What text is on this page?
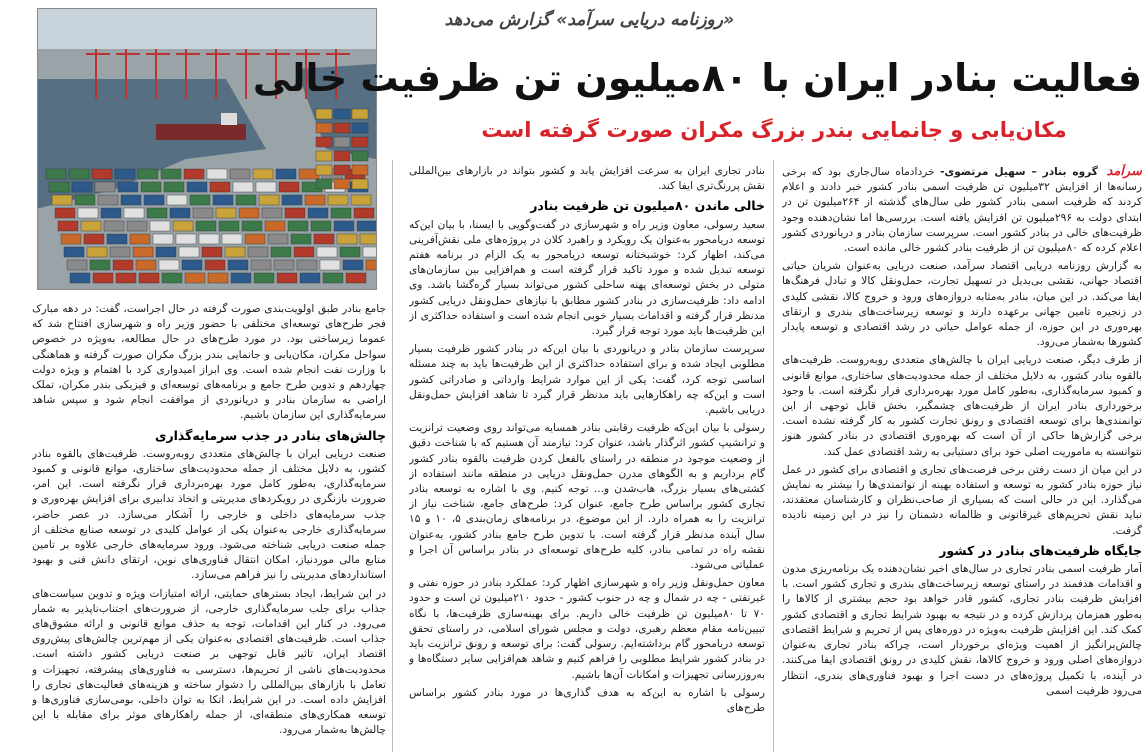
«روزنامه دریایی سرآمد» گزارش می‌دهد
فعالیت بنادر ایران با ۸۰میلیون تن ظرفیت خالی
مکان‌یابی و جانمایی بندر بزرگ مکران صورت گرفته است

سرآمد گروه بنادر – سهیل مرتضوی- خردادماه سال‌جاری بود که برخی رسانه‌ها از افزایش ۳۲میلیون تن ظرفیت اسمی بنادر کشور خبر دادند و اعلام کردند که ظرفیت اسمی بنادر کشور طی سال‌های گذشته از ۲۶۴میلیون تن در ابتدای دولت به ۲۹۶میلیون تن افزایش یافته است. بررسی‌ها اما نشان‌دهنده وجود ظرفیت‌های خالی در بنادر کشور است. سرپرست سازمان بنادر و دریانوردی کشور اعلام کرده که ۸۰میلیون تن از ظرفیت بنادر کشور خالی مانده است.

به گزارش روزنامه دریایی اقتصاد سرآمد، صنعت دریایی به‌عنوان شریان حیاتی اقتصاد جهانی، نقشی بی‌بدیل در تسهیل تجارت، حمل‌ونقل کالا و تبادل فرهنگ‌ها ایفا می‌کند. در این میان، بنادر به‌مثابه دروازه‌های ورود و خروج کالا، نقشی کلیدی در زنجیره تامین جهانی برعهده دارند و توسعه زیرساخت‌های بندری و ارتقای بهره‌وری در این حوزه، از جمله عوامل حیاتی در رشد اقتصادی و توسعه پایدار کشورها به‌شمار می‌رود.

از طرف دیگر، صنعت دریایی ایران با چالش‌های متعددی روبه‌روست. ظرفیت‌های بالقوه بنادر کشور، به دلایل مختلف از جمله محدودیت‌های ساختاری، موانع قانونی و کمبود سرمایه‌گذاری، به‌طور کامل مورد بهره‌برداری قرار نگرفته است. با وجود برخورداری بنادر ایران از ظرفیت‌های چشمگیر، بخش قابل توجهی از این توانمندی‌ها برای توسعه اقتصادی و رونق تجارت کشور به کار گرفته نشده است. برخی گزارش‌ها حاکی از آن است که بهره‌وری اقتصادی در بنادر کشور هنوز نتوانسته به ماموریت اصلی خود برای دستیابی به رشد اقتصادی عمل کند.

در این میان از دست رفتن برخی فرصت‌های تجاری و اقتصادی برای کشور در عمل نیاز حوزه بنادر کشور به توسعه و استفاده بهینه از توانمندی‌ها را بیشتر به نمایش می‌گذارد. این در حالی است که بسیاری از صاحب‌نظران و کارشناسان معتقدند، نباید نقش تحریم‌های غیرقانونی و ظالمانه دشمنان را نیز در این زمینه نادیده گرفت.

جایگاه ظرفیت‌های بنادر در کشور

آمار ظرفیت اسمی بنادر تجاری در سال‌های اخیر نشان‌دهنده یک برنامه‌ریزی مدون و اقدامات هدفمند در راستای توسعه زیرساخت‌های بندری و تجاری کشور است. با افزایش ظرفیت بنادر تجاری، کشور قادر خواهد بود حجم بیشتری از کالاها را به‌طور همزمان پردازش کرده و در نتیجه به بهبود شرایط تجاری و اقتصادی کشور کمک کند. این افزایش ظرفیت به‌ویژه در دوره‌های پس از تحریم و شرایط اقتصادی چالش‌برانگیز از اهمیت ویژه‌ای برخوردار است، چراکه بنادر تجاری به‌عنوان دروازه‌های اصلی ورود و خروج کالاها، نقش کلیدی در رونق اقتصادی ایفا می‌کنند. در آینده، با تکمیل پروژه‌های در دست اجرا و بهبود فناوری‌های بندری، انتظار می‌رود ظرفیت اسمی

بنادر تجاری ایران به سرعت افزایش یابد و کشور بتواند در بازارهای بین‌المللی نقش پررنگ‌تری ایفا کند.

خالی ماندن ۸۰میلیون تن ظرفیت بنادر

سعید رسولی، معاون وزیر راه و شهرسازی در گفت‌وگویی با ایسنا، با بیان این‌که توسعه دریامحور به‌عنوان یک رویکرد و راهبرد کلان در پروژه‌های ملی نقش‌آفرینی می‌کند، اظهار کرد: خوشبختانه توسعه دریامحور به یک الزام در برنامه هفتم توسعه تبدیل شده و مورد تاکید قرار گرفته است و هم‌افزایی بین سازمان‌های متولی در بخش توسعه‌ای پهنه ساحلی کشور می‌تواند بسیار گره‌گشا باشد. وی ادامه داد: ظرفیت‌سازی در بنادر کشور مطابق با نیازهای حمل‌ونقل دریایی کشور مدنظر قرار گرفته و اقدامات بسیار خوبی انجام شده است و استفاده حداکثری از این ظرفیت‌ها باید مورد توجه قرار گیرد.

سرپرست سازمان بنادر و دریانوردی با بیان این‌که در بنادر کشور ظرفیت بسیار مطلوبی ایجاد شده و برای استفاده حداکثری از این ظرفیت‌ها باید به چند مسئله اساسی توجه کرد، گفت: یکی از این موارد شرایط وارداتی و صادراتی کشور است و این‌که چه راهکارهایی باید مدنظر قرار گیرد تا شاهد افزایش حمل‌ونقل دریایی باشیم.

رسولی با بیان این‌که ظرفیت رقابتی بنادر همسایه می‌تواند روی وضعیت ترانزیت و ترانشیپ کشور اثرگذار باشد، عنوان کرد: نیازمند آن هستیم که با شناخت دقیق از وضعیت موجود در منطقه در راستای بالفعل کردن ظرفیت بالقوه بنادر کشور گام برداریم و به الگوهای مدرن حمل‌ونقل دریایی در منطقه مانند استفاده از کشتی‌های بسیار بزرگ، هاب‌شدن و... توجه کنیم. وی با اشاره به توسعه بنادر تجاری کشور براساس طرح جامع، عنوان کرد: طرح‌های جامع، شناخت نیاز از ترانزیت را به همراه دارد. از این موضوع، در برنامه‌های زمان‌بندی ۵، ۱۰ و ۱۵ سال آینده مدنظر قرار گرفته است. با تدوین طرح جامع بنادر کشور، به‌عنوان نقشه راه در تمامی بنادر، کلیه طرح‌های توسعه‌ای در بنادر براساس آن اجرا و عملیاتی می‌شود.

معاون حمل‌ونقل وزیر راه و شهرسازی اظهار کرد: عملکرد بنادر در حوزه نفتی و غیرنفتی - چه در شمال و چه در جنوب کشور - حدود ۲۱۰میلیون تن است و حدود ۷۰ تا ۸۰میلیون تن ظرفیت خالی داریم. برای بهینه‌سازی ظرفیت‌ها، با نگاه تبیین‌نامه مقام معظم رهبری، دولت و مجلس شورای اسلامی، در راستای تحقق توسعه دریامحور گام برداشته‌ایم. رسولی گفت: برای توسعه و رونق ترانزیت باید در بنادر کشور شرایط مطلوبی را فراهم کنیم و شاهد هم‌افزایی سایر دستگاه‌ها و به‌روزرسانی تجهیزات و امکانات آن‌ها باشیم.

رسولی با اشاره به این‌که به هدف گذاری‌ها در مورد بنادر کشور براساس طرح‌های

جامع بنادر طبق اولویت‌بندی صورت گرفته در حال اجراست، گفت: در دهه مبارک فجر طرح‌های توسعه‌ای مختلفی با حضور وزیر راه و شهرسازی افتتاح شد که عموما زیرساختی بود. در مورد طرح‌های در حال مطالعه، به‌ویژه در خصوص سواحل مکران، مکان‌یابی و جانمایی بندر بزرگ مکران صورت گرفته و هماهنگی با وزارت نفت انجام شده است. وی ابراز امیدواری کرد با اهتمام و ویژه دولت چهاردهم و تدوین طرح جامع و برنامه‌های توسعه‌ای و فیزیکی بندر مکران، تملک اراضی به سازمان بنادر و دریانوردی از موافقت انجام شود و سپس شاهد سرمایه‌گذاری این سازمان باشیم.

چالش‌های بنادر در جذب سرمایه‌گذاری

صنعت دریایی ایران با چالش‌های متعددی روبه‌روست. ظرفیت‌های بالقوه بنادر کشور، به دلایل مختلف از جمله محدودیت‌های ساختاری، موانع قانونی و کمبود سرمایه‌گذاری، به‌طور کامل مورد بهره‌برداری قرار نگرفته است. این امر، ضرورت بازنگری در رویکردهای مدیریتی و اتخاذ تدابیری برای افزایش بهره‌وری و جذب سرمایه‌های داخلی و خارجی را آشکار می‌سازد. در عصر حاضر، سرمایه‌گذاری خارجی به‌عنوان یکی از عوامل کلیدی در توسعه صنایع مختلف از جمله صنعت دریایی شناخته می‌شود. ورود سرمایه‌های خارجی علاوه بر تامین منابع مالی موردنیاز، امکان انتقال فناوری‌های نوین، ارتقای دانش فنی و بهبود استانداردهای مدیریتی را نیز فراهم می‌سازد.

در این شرایط، ایجاد بسترهای حمایتی، ارائه امتیازات ویژه و تدوین سیاست‌های جذاب برای جلب سرمایه‌گذاری خارجی، از ضرورت‌های اجتناب‌ناپذیر به شمار می‌رود. در کنار این اقدامات، توجه به حذف موانع قانونی و ارائه مشوق‌های جذاب است. ظرفیت‌های اقتصادی به‌عنوان یکی از مهم‌ترین چالش‌های پیش‌روی اقتصاد ایران، تاثیر قابل توجهی بر صنعت دریایی کشور داشته است. محدودیت‌های ناشی از تحریم‌ها، دسترسی به فناوری‌های پیشرفته، تجهیزات و تعامل با بازارهای بین‌المللی را دشوار ساخته و هزینه‌های فعالیت‌های تجاری را افزایش داده است. در این شرایط، اتکا به توان داخلی، بومی‌سازی فناوری‌ها و توسعه همکاری‌های منطقه‌ای، از جمله راهکارهای موثر برای مقابله با این چالش‌ها به‌شمار می‌رود.
